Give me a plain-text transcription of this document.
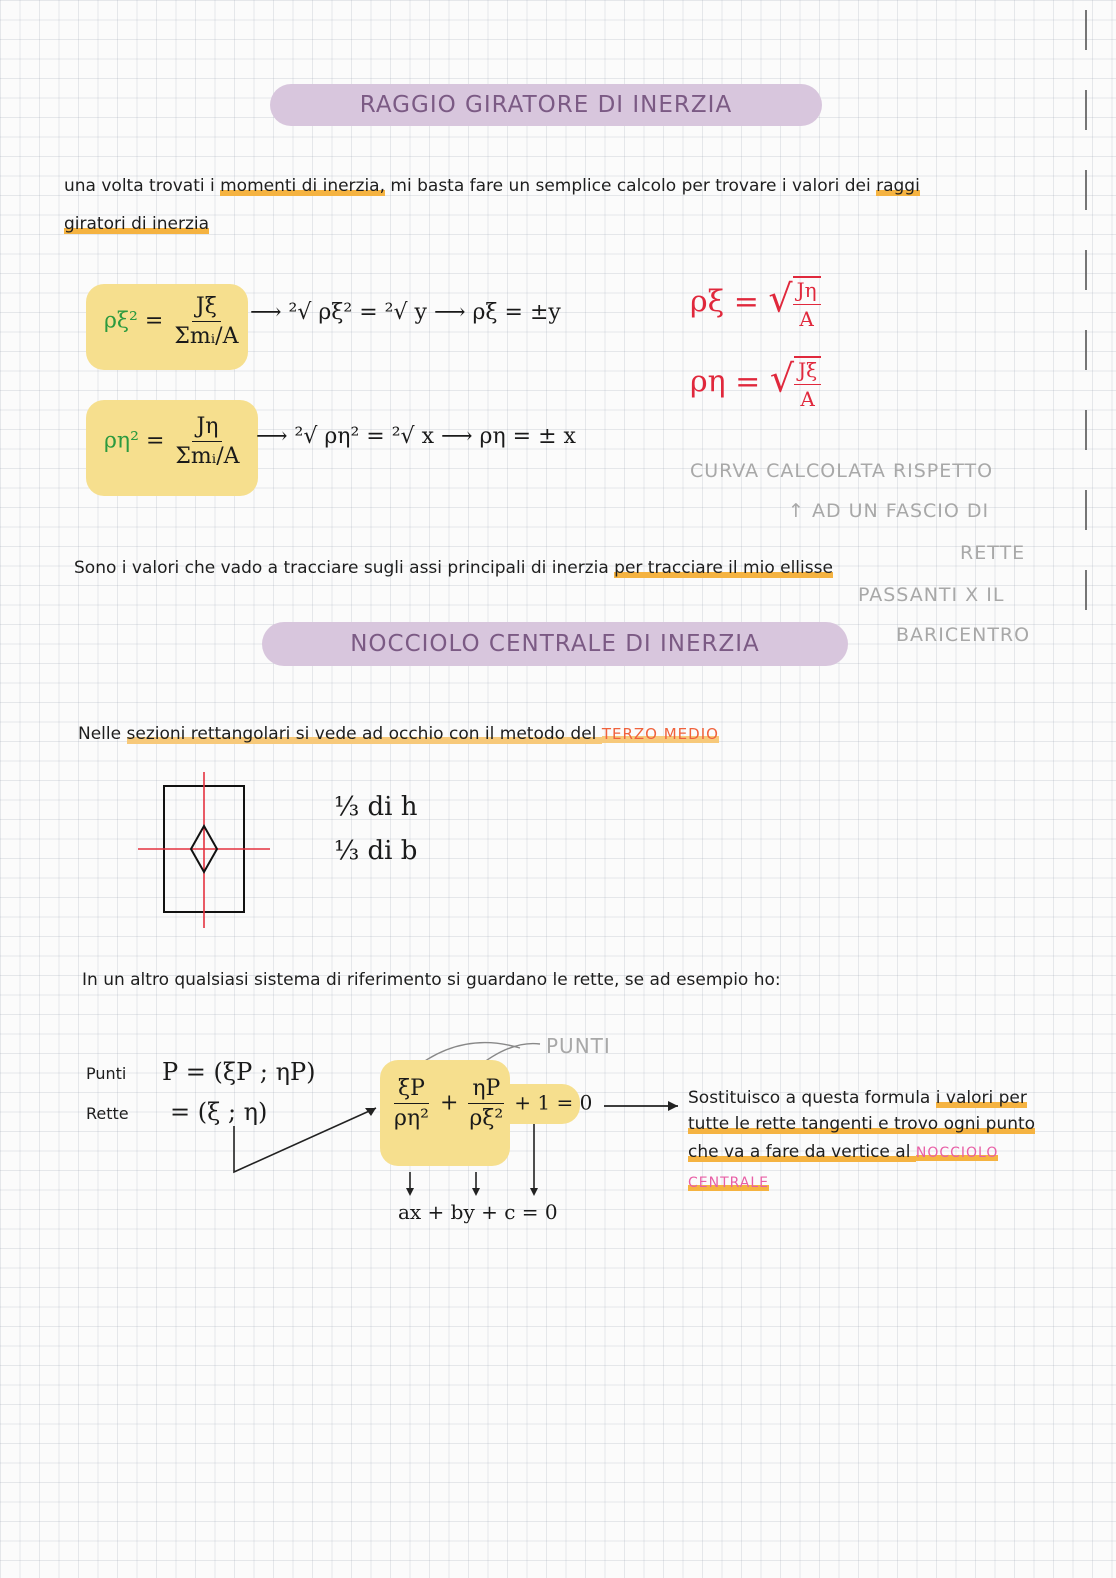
RAGGIO GIRATORE DI INERZIA
una volta trovati i momenti di inerzia, mi basta fare un semplice calcolo per trovare i valori dei raggi
giratori di inerzia
$\rho\xi^2 = \frac{J\xi}{\text{Σmᵢ/A}}$ ⟶ ²√ ρξ² = ²√ y ⟶ ρξ = ±y
$\rho\eta^2 = \frac{J\eta}{\text{Σmᵢ/A}}$ ⟶ ²√ ρη² = ²√ x ⟶ ρη = ± x
ρξ = √ $\frac{J\eta}{A}$
ρη = √ $\frac{J\xi}{A}$
CURVA CALCOLATA RISPETTO
↑ AD UN FASCIO DI
RETTE
PASSANTI X IL
BARICENTRO
Sono i valori che vado a tracciare sugli assi principali di inerzia per tracciare il mio ellisse
NOCCIOLO CENTRALE DI INERZIA
Nelle sezioni rettangolari si vede ad occhio con il metodo del TERZO MEDIO
⅓ di h
⅓ di b
In un altro qualsiasi sistema di riferimento si guardano le rette, se ad esempio ho:
Punti P = (ξP ; ηP)
Rette = (ξ ; η)
PUNTI
$\frac{\xi P}{\text{ρη²}} + \frac{\eta P}{\text{ρξ²}} + 1 = 0$
ax + by + c = 0
Sostituisco a questa formula i valori per
tutte le rette tangenti e trovo ogni punto
che va a fare da vertice al NOCCIOLO
CENTRALE
